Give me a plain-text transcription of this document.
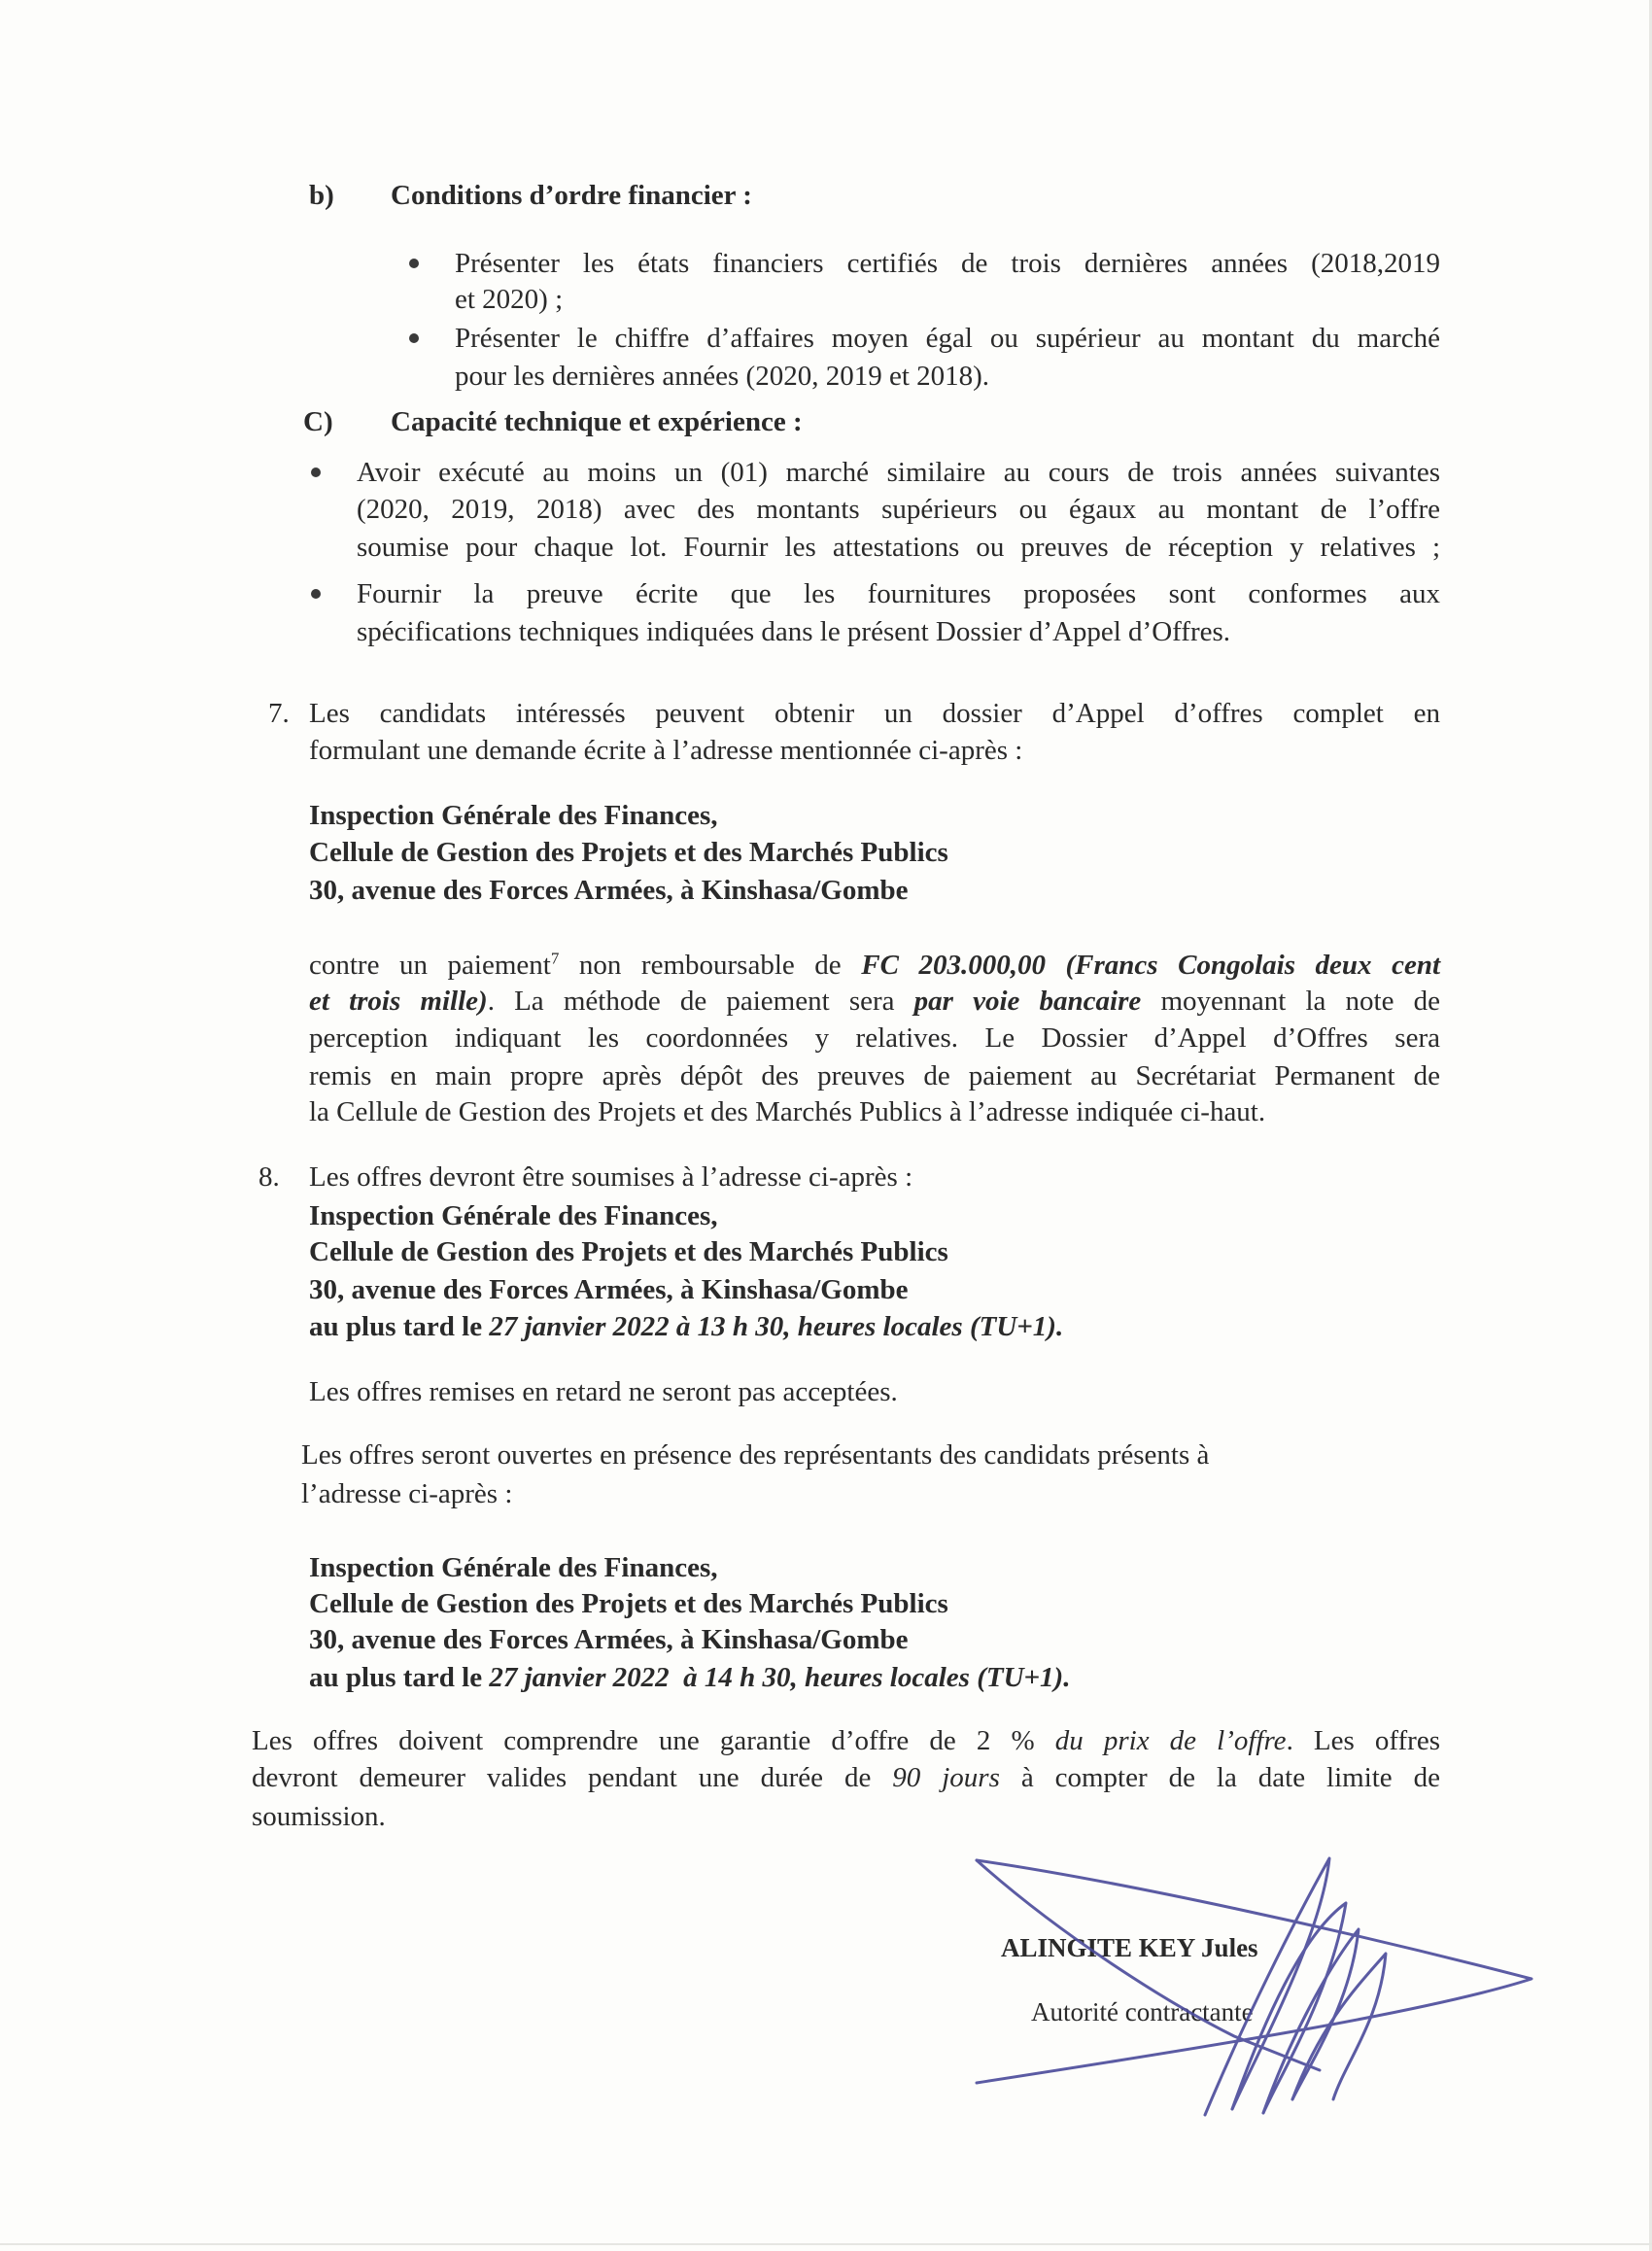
b) Conditions d’ordre financier :
Présenter les états financiers certifiés de trois dernières années (2018,2019
et 2020) ;
Présenter le chiffre d’affaires moyen égal ou supérieur au montant du marché
pour les dernières années (2020, 2019 et 2018).
C) Capacité technique et expérience :
Avoir exécuté au moins un (01) marché similaire au cours de trois années suivantes
(2020, 2019, 2018) avec des montants supérieurs ou égaux au montant de l’offre
soumise pour chaque lot. Fournir les attestations ou preuves de réception y relatives ;
Fournir la preuve écrite que les fournitures proposées sont conformes aux
spécifications techniques indiquées dans le présent Dossier d’Appel d’Offres.
7. Les candidats intéressés peuvent obtenir un dossier d’Appel d’offres complet en
formulant une demande écrite à l’adresse mentionnée ci-après :
Inspection Générale des Finances,
Cellule de Gestion des Projets et des Marchés Publics
30, avenue des Forces Armées, à Kinshasa/Gombe
contre un paiement$^7$ non remboursable de FC 203.000,00 (Francs Congolais deux cent
et trois mille). La méthode de paiement sera par voie bancaire moyennant la note de
perception indiquant les coordonnées y relatives. Le Dossier d’Appel d’Offres sera
remis en main propre après dépôt des preuves de paiement au Secrétariat Permanent de
la Cellule de Gestion des Projets et des Marchés Publics à l’adresse indiquée ci-haut.
8. Les offres devront être soumises à l’adresse ci-après :
Inspection Générale des Finances,
Cellule de Gestion des Projets et des Marchés Publics
30, avenue des Forces Armées, à Kinshasa/Gombe
au plus tard le 27 janvier 2022 à 13 h 30, heures locales (TU+1).
Les offres remises en retard ne seront pas acceptées.
Les offres seront ouvertes en présence des représentants des candidats présents à
l’adresse ci-après :
Inspection Générale des Finances,
Cellule de Gestion des Projets et des Marchés Publics
30, avenue des Forces Armées, à Kinshasa/Gombe
au plus tard le 27 janvier 2022  à 14 h 30, heures locales (TU+1).
Les offres doivent comprendre une garantie d’offre de 2 % du prix de l’offre. Les offres
devront demeurer valides pendant une durée de 90 jours à compter de la date limite de
soumission.
ALINGITE KEY Jules
Autorité contractante
